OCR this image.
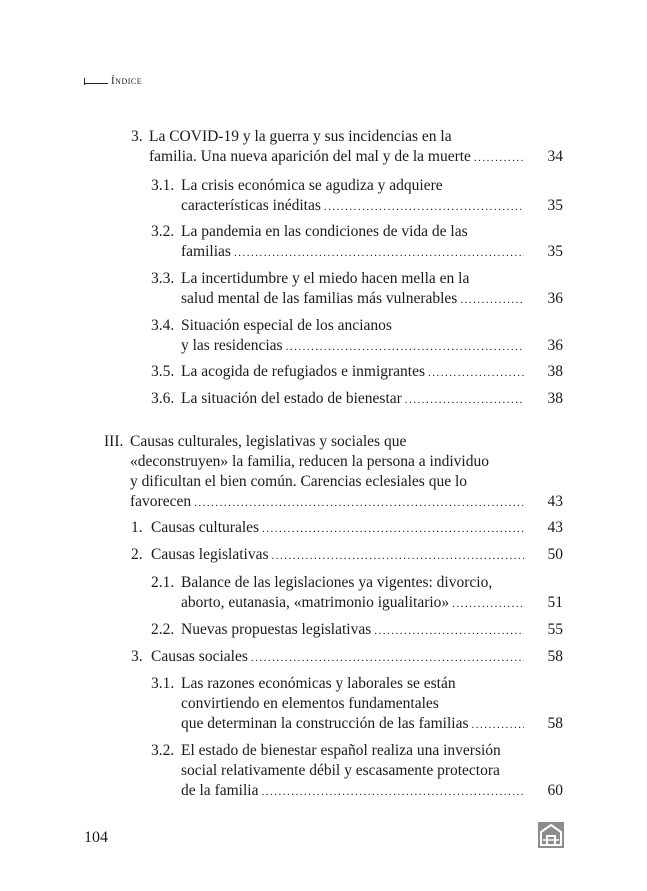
Índice
3. La COVID-19 y la guerra y sus incidencias en la
familia. Una nueva aparición del mal y de la muerte .....	34
3.1. La crisis económica se agudiza y adquiere
características inéditas .....	35
3.2. La pandemia en las condiciones de vida de las
familias .....	35
3.3. La incertidumbre y el miedo hacen mella en la
salud mental de las familias más vulnerables .....	36
3.4. Situación especial de los ancianos
y las residencias .....	36
3.5. La acogida de refugiados e inmigrantes .....	38
3.6. La situación del estado de bienestar .....	38
III. Causas culturales, legislativas y sociales que
«deconstruyen» la familia, reducen la persona a individuo
y dificultan el bien común. Carencias eclesiales que lo
favorecen .....	43
1. Causas culturales .....	43
2. Causas legislativas .....	50
2.1. Balance de las legislaciones ya vigentes: divorcio,
aborto, eutanasia, «matrimonio igualitario» .....	51
2.2. Nuevas propuestas legislativas .....	55
3. Causas sociales .....	58
3.1. Las razones económicas y laborales se están
convirtiendo en elementos fundamentales
que determinan la construcción de las familias .....	58
3.2. El estado de bienestar español realiza una inversión
social relativamente débil y escasamente protectora
de la familia .....	60
104
